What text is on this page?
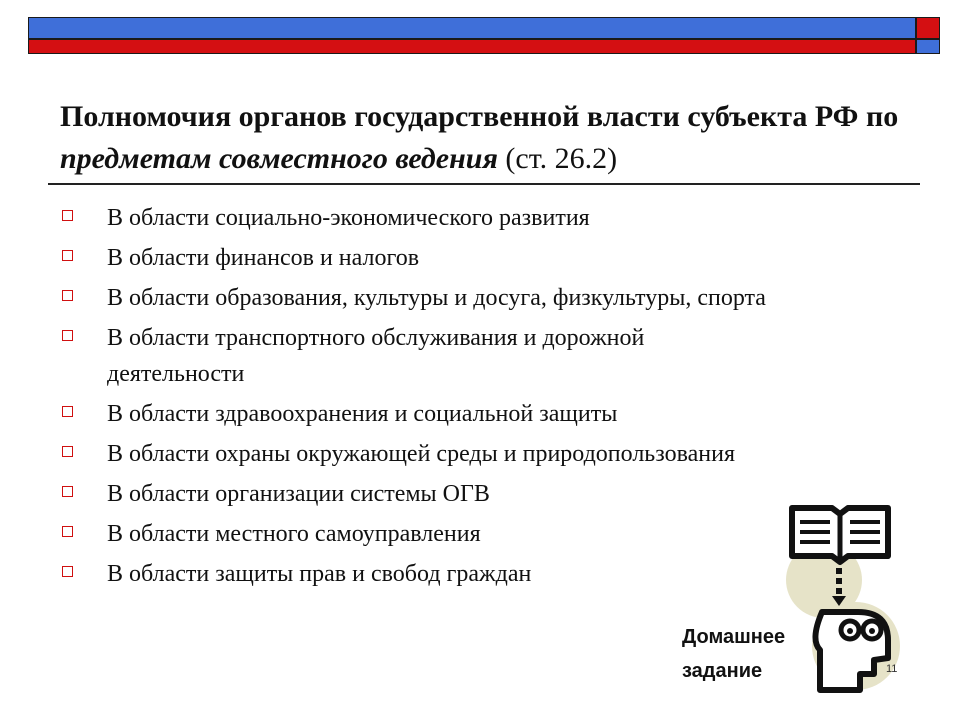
Полномочия органов государственной власти субъекта РФ по предметам совместного ведения (ст. 26.2)
В области социально-экономического развития
В области финансов и налогов
В области образования, культуры и досуга, физкультуры, спорта
В области транспортного обслуживания и дорожной деятельности
В области здравоохранения и социальной защиты
В области охраны окружающей среды и природопользования
В области организации системы ОГВ
В области местного самоуправления
В области защиты прав и свобод граждан
Домашнее
задание	11
